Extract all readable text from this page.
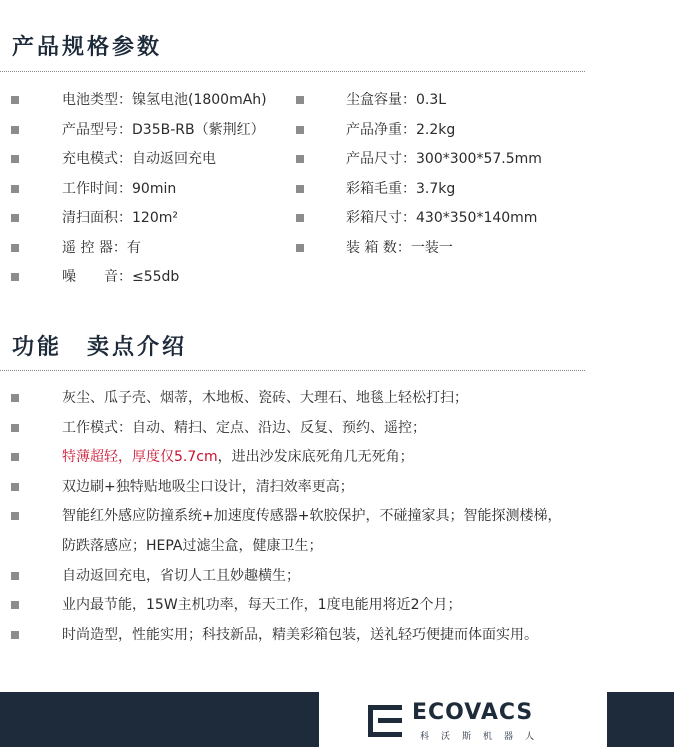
产品规格参数
电池类型：镍氢电池(1800mAh)
产品型号：D35B-RB（紫荆红）
充电模式：自动返回充电
工作时间：90min
清扫面积：120m²
遥 控 器：有
噪　　音：≤55db
尘盒容量：0.3L
产品净重：2.2kg
产品尺寸：300*300*57.5mm
彩箱毛重：3.7kg
彩箱尺寸：430*350*140mm
装 箱 数：一装一
功能　卖点介绍
灰尘、瓜子壳、烟蒂，木地板、瓷砖、大理石、地毯上轻松打扫；
工作模式：自动、精扫、定点、沿边、反复、预约、遥控；
特薄超轻，厚度仅5.7cm，进出沙发床底死角几无死角；
双边刷+独特贴地吸尘口设计，清扫效率更高；
智能红外感应防撞系统+加速度传感器+软胶保护，不碰撞家具；智能探测楼梯，
防跌落感应；HEPA过滤尘盒，健康卫生；
自动返回充电，省切人工且妙趣横生；
业内最节能，15W主机功率，每天工作，1度电能用将近2个月；
时尚造型，性能实用；科技新品，精美彩箱包装，送礼轻巧便捷而体面实用。
ECOVACS
科沃斯机器人
